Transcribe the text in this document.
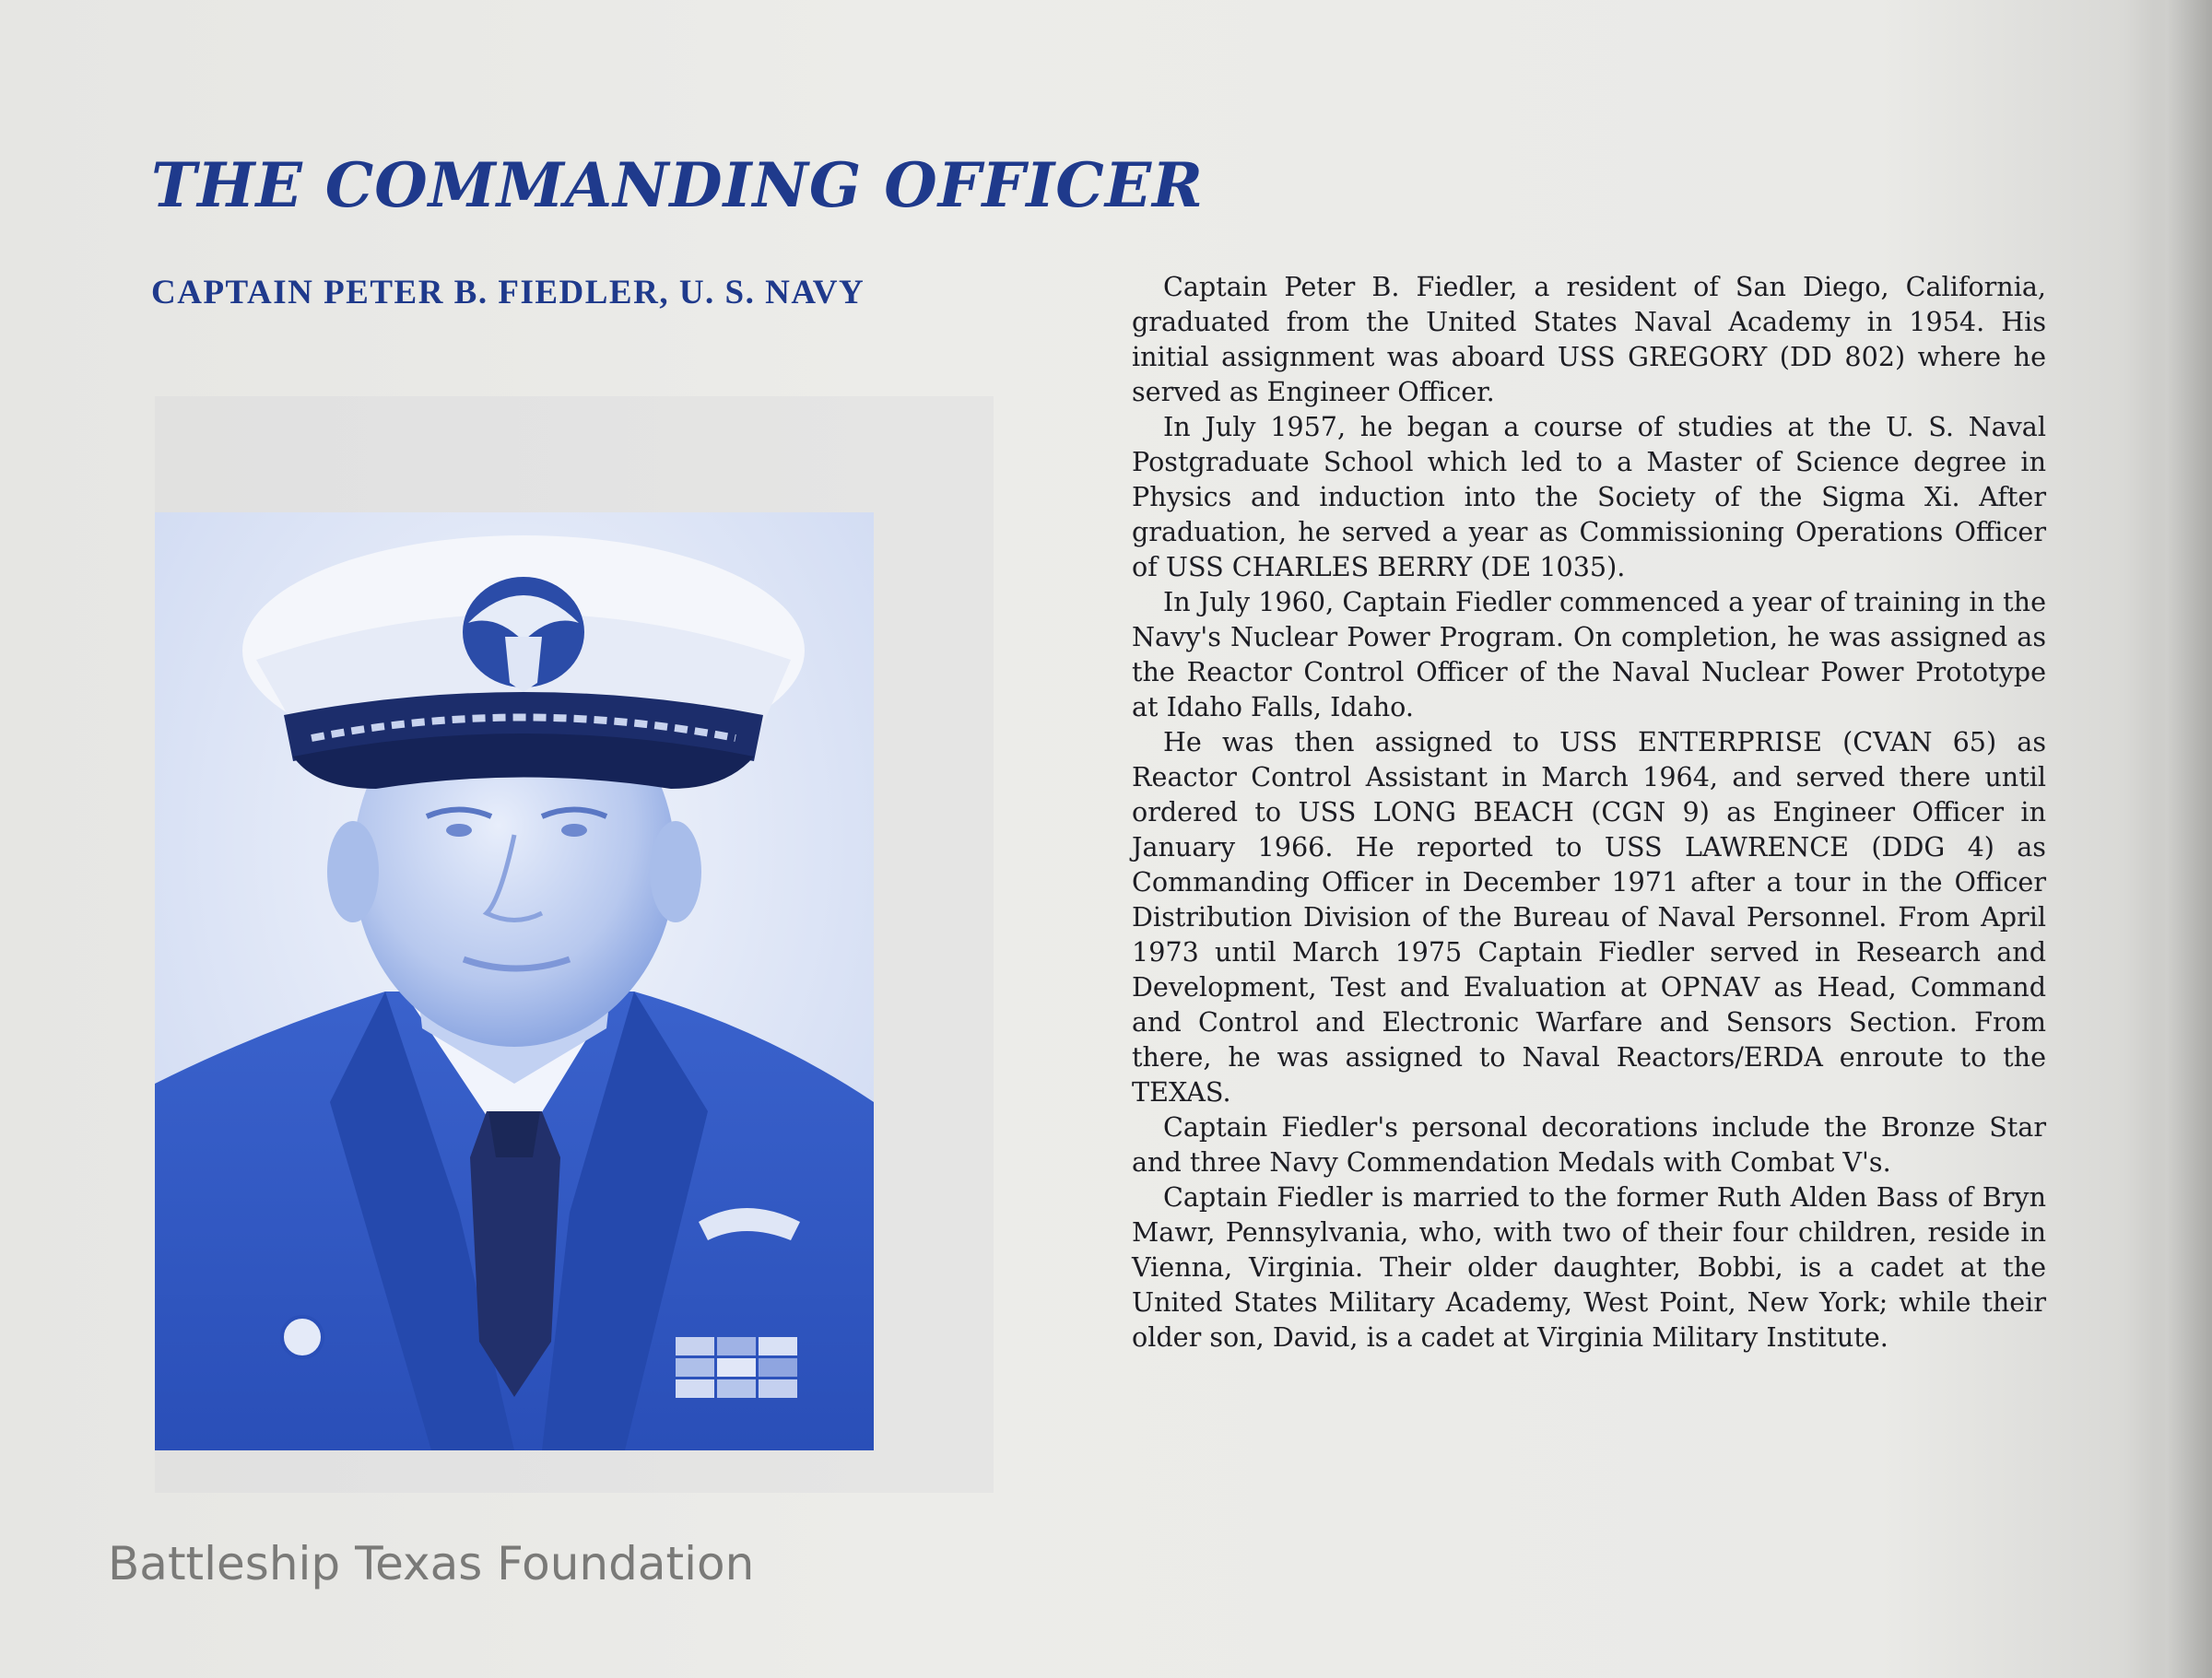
THE COMMANDING OFFICER
CAPTAIN PETER B. FIEDLER, U. S. NAVY	Captain Peter B. Fiedler, a resident of San Diego, California, graduated from the United States Naval Academy in 1954. His initial assignment was aboard USS GREGORY (DD 802) where he served as Engineer Officer.

In July 1957, he began a course of studies at the U. S. Naval Postgraduate School which led to a Master of Science degree in Physics and induction into the Society of the Sigma Xi. After graduation, he served a year as Commissioning Operations Officer of USS CHARLES BERRY (DE 1035).

In July 1960, Captain Fiedler commenced a year of training in the Navy's Nuclear Power Program. On completion, he was assigned as the Reactor Control Officer of the Naval Nuclear Power Prototype at Idaho Falls, Idaho.

He was then assigned to USS ENTERPRISE (CVAN 65) as Reactor Control Assistant in March 1964, and served there until ordered to USS LONG BEACH (CGN 9) as Engineer Officer in January 1966. He reported to USS LAWRENCE (DDG 4) as Commanding Officer in December 1971 after a tour in the Officer Distribution Division of the Bureau of Naval Personnel. From April 1973 until March 1975 Captain Fiedler served in Research and Development, Test and Evaluation at OPNAV as Head, Command and Control and Electronic Warfare and Sensors Section. From there, he was assigned to Naval Reactors/ERDA enroute to the TEXAS.

Captain Fiedler's personal decorations include the Bronze Star and three Navy Commendation Medals with Combat V's.

Captain Fiedler is married to the former Ruth Alden Bass of Bryn Mawr, Pennsylvania, who, with two of their four children, reside in Vienna, Virginia. Their older daughter, Bobbi, is a cadet at the United States Military Academy, West Point, New York; while their older son, David, is a cadet at Virginia Military Institute.

Battleship Texas Foundation
